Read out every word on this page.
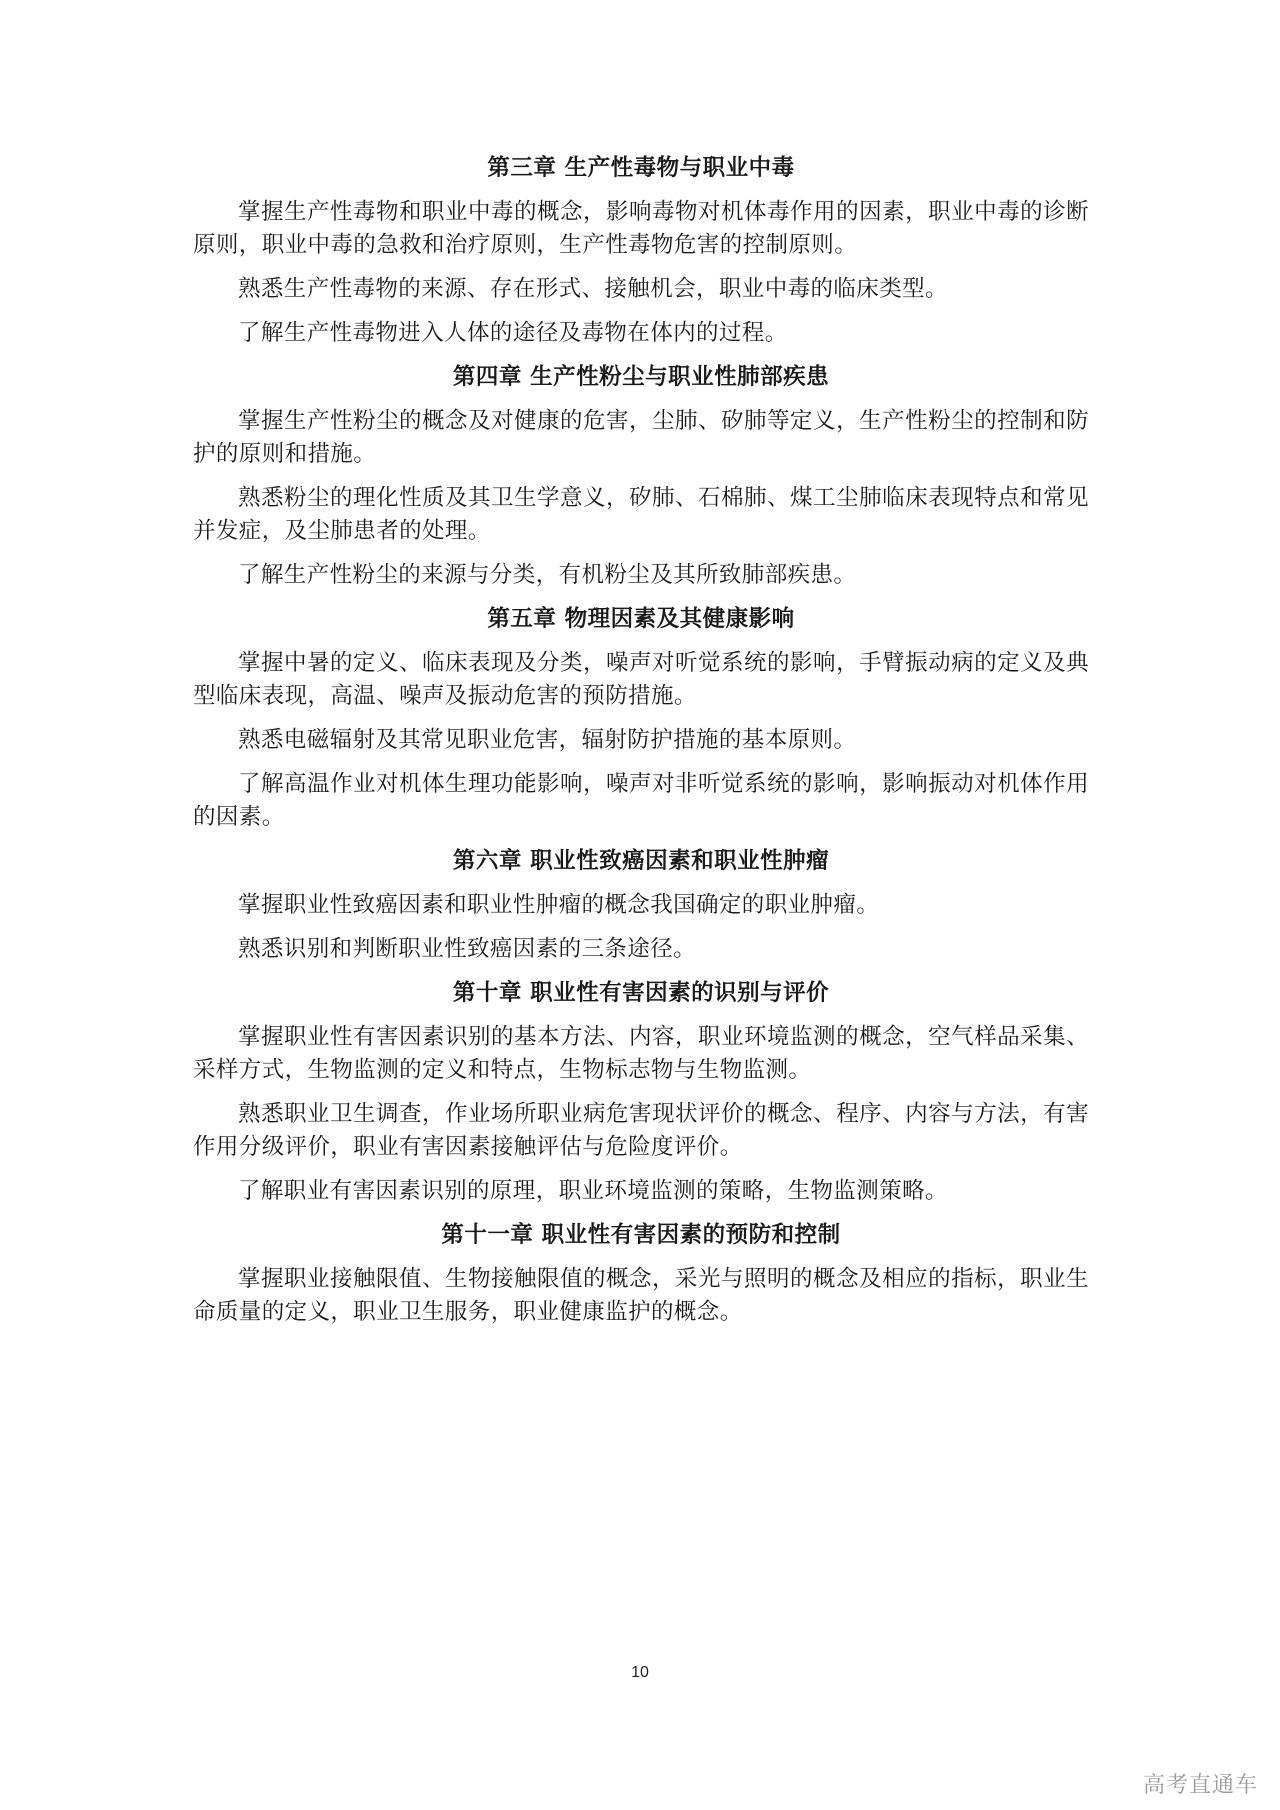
第三章 生产性毒物与职业中毒

掌握生产性毒物和职业中毒的概念，影响毒物对机体毒作用的因素，职业中毒的诊断原则，职业中毒的急救和治疗原则，生产性毒物危害的控制原则。

熟悉生产性毒物的来源、存在形式、接触机会，职业中毒的临床类型。

了解生产性毒物进入人体的途径及毒物在体内的过程。

第四章 生产性粉尘与职业性肺部疾患

掌握生产性粉尘的概念及对健康的危害，尘肺、矽肺等定义，生产性粉尘的控制和防护的原则和措施。

熟悉粉尘的理化性质及其卫生学意义，矽肺、石棉肺、煤工尘肺临床表现特点和常见并发症，及尘肺患者的处理。

了解生产性粉尘的来源与分类，有机粉尘及其所致肺部疾患。

第五章 物理因素及其健康影响

掌握中暑的定义、临床表现及分类，噪声对听觉系统的影响，手臂振动病的定义及典型临床表现，高温、噪声及振动危害的预防措施。

熟悉电磁辐射及其常见职业危害，辐射防护措施的基本原则。

了解高温作业对机体生理功能影响，噪声对非听觉系统的影响，影响振动对机体作用的因素。

第六章 职业性致癌因素和职业性肿瘤

掌握职业性致癌因素和职业性肿瘤的概念我国确定的职业肿瘤。

熟悉识别和判断职业性致癌因素的三条途径。

第十章 职业性有害因素的识别与评价

掌握职业性有害因素识别的基本方法、内容，职业环境监测的概念，空气样品采集、采样方式，生物监测的定义和特点，生物标志物与生物监测。

熟悉职业卫生调查，作业场所职业病危害现状评价的概念、程序、内容与方法，有害作用分级评价，职业有害因素接触评估与危险度评价。

了解职业有害因素识别的原理，职业环境监测的策略，生物监测策略。

第十一章 职业性有害因素的预防和控制

掌握职业接触限值、生物接触限值的概念，采光与照明的概念及相应的指标，职业生命质量的定义，职业卫生服务，职业健康监护的概念。

10
高考直通车
